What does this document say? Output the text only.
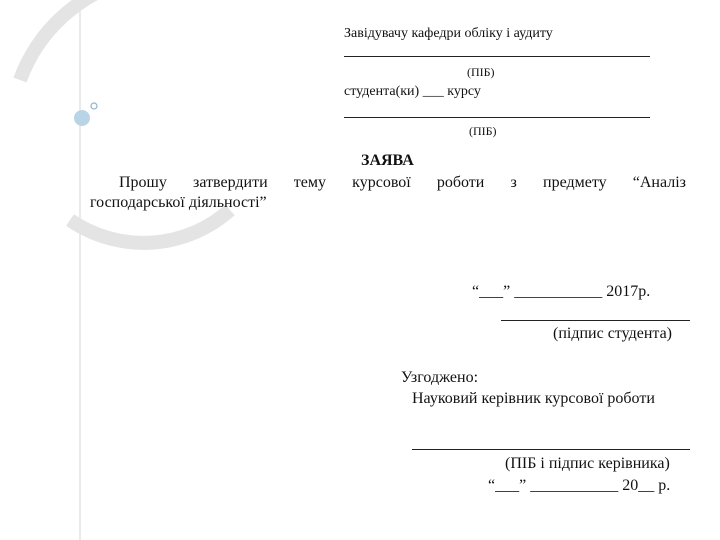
Завідувачу кафедри обліку і аудиту
(ПІБ)
студента(ки) ___ курсу
(ПІБ)
ЗАЯВА
Прошу затвердити тему курсової роботи з предмету “Аналіз
господарської діяльності”
“___” ___________ 2017р.
(підпис студента)
Узгоджено:
Науковий керівник курсової роботи
(ПІБ і підпис керівника)
“___” ___________ 20__ р.
